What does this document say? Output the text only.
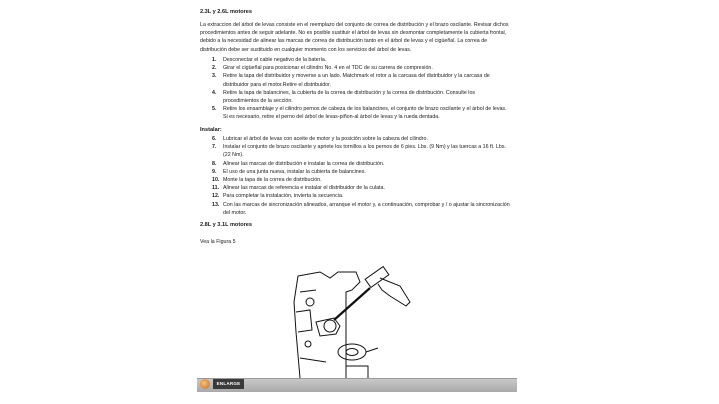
2.3L y 2.6L motores
La extraccion del árbol de levas consiste en el reemplazo del conjunto de correa de distribución y el brazo oscilante. Revisar dichos procedimientos antes de seguir adelante. No es posible sustituir el árbol de levas sin desmontar completamente la cubierta frontal, debido a la necesidad de alinear las marcas de correa de distribución tanto en el árbol de levas y el cigüeñal. La correa de distribución debe ser sustituido en cualquier momento con los servicios del árbol de levas.
1. Desconectar el cable negativo de la batería.
2. Girar el cigüeñal para posicionar el cilindro No. 4 en el TDC de su carrera de compresión.
3. Retire la tapa del distribuidor y moverse a un lado. Matchmark el rotor a la carcasa del distribuidor y la carcasa de distribuidor para el motor.Retire el distribuidor.
4. Retire la tapa de balancines, la cubierta de la correa de distribución y la correa de distribución. Consulte los procedimientos de la sección.
5. Retire los ensamblaje y el cilindro pernos de cabeza de los balancines, el conjunto de brazo oscilante y el árbol de levas. Si es necesario, retire el perno del árbol de levas-piñon-al árbol de levas y la rueda dentada.
Instalar:
6. Lubricar el árbol de levas con aceite de motor y la posición sobre la cabeza del cilindro.
7. Instalar el conjunto de brazo oscilante y apriete los tornillos a los pernos de 6 pies. Lbs. (9 Nm) y las tuercas a 16 ft. Lbs. (22 Nm).
8. Alinear las marcas de distribución e instalar la correa de distribución.
9. El uso de una junta nueva, instalar la cubierta de balancines.
10. Monte la tapa de la correa de distribución.
11. Alinear las marcas de referencia e instalar el distribuidor de la culata.
12. Para completar la instalación, invierta la secuencia.
13. Con las marcas de sincronización alineados, arranque el motor y, a continuación, comprobar y / o ajustar la sincronización del motor.
2.8L y 3.1L motores
Vea la Figura 5
ENLARGE
